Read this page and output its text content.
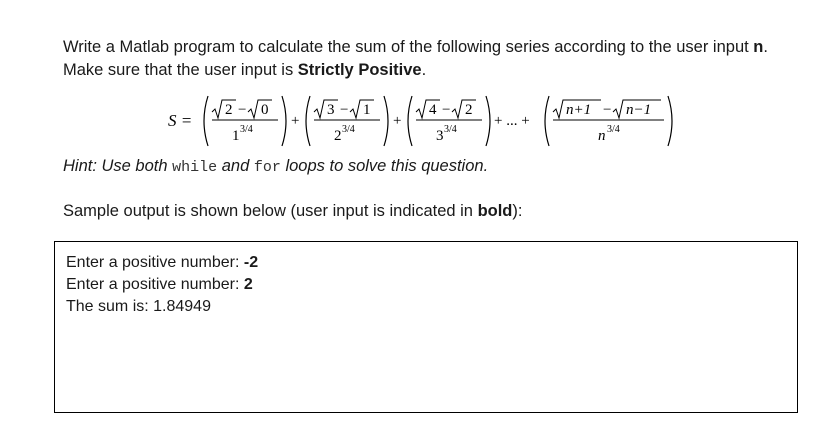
Write a Matlab program to calculate the sum of the following series according to the user input n. Make sure that the user input is Strictly Positive.
S =
2 − 0
1 3/4
+
3 − 1
2 3/4
+
4 − 2
3 3/4
+ ... +
n+1 − n−1
n 3/4
Hint: Use both while and for loops to solve this question.
Sample output is shown below (user input is indicated in bold):
Enter a positive number: -2
Enter a positive number: 2
The sum is: 1.84949
